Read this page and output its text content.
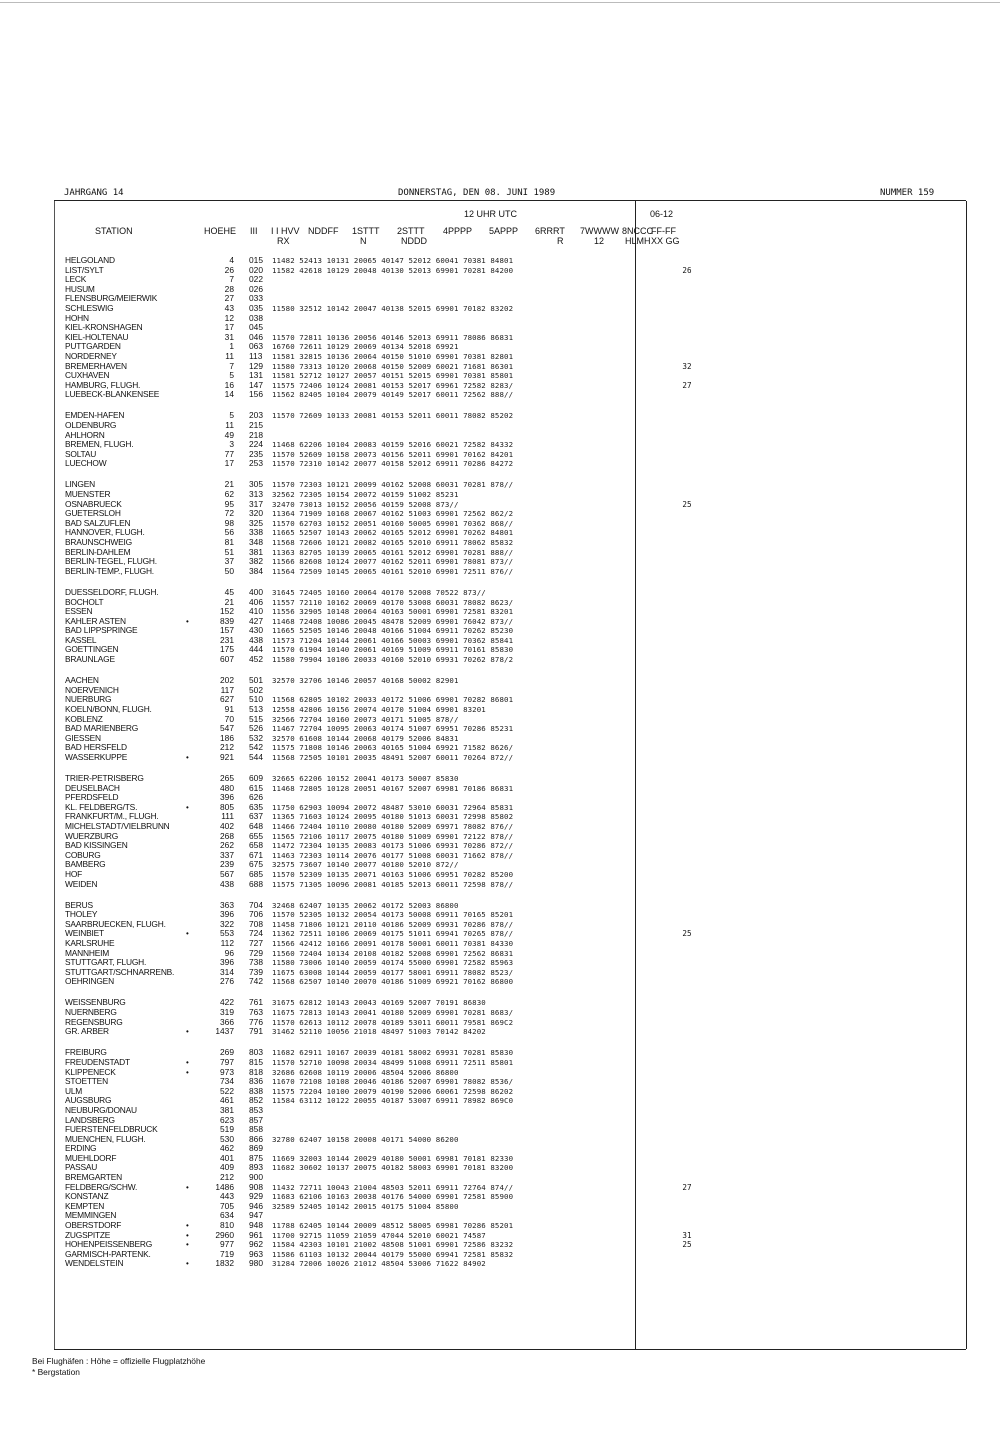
JAHRGANG 14	DONNERSTAG, DEN 08. JUNI 1989	NUMMER 159
12 UHR UTC	06-12
STATION	HOEHE III I I HVV
RX
NDDFF 1STTT
N
2STTT
NDDD
4PPPP 5APPP 6RRRT
R
7WWWW
12
8NCCC
HLMH
FF-FF
XX GG
HELGOLAND	4 015 11482 52413 10131 20065 40147 52012 60041 70381 84801
LIST/SYLT	26 020 11582 42618 10129 20048 40130 52013 69901 70281 84200	26
LECK	7 022
HUSUM	28 026
FLENSBURG/MEIERWIK	27 033
SCHLESWIG	43 035 11580 32512 10142 20047 40138 52015 69901 70182 83202
HOHN	12 038
KIEL-KRONSHAGEN	17 045
KIEL-HOLTENAU	31 046 11570 72811 10136 20056 40146 52013 69911 78086 86831
PUTTGARDEN	1 063 16760 72611 10129 20069 40134 52018 69921
NORDERNEY	11 113 11581 32815 10136 20064 40150 51010 69901 70381 82801
BREMERHAVEN	7 129 11580 73313 10120 20068 40150 52009 60021 71681 86301	32
CUXHAVEN	5 131 11581 52712 10127 20057 40151 52015 69901 70381 85801
HAMBURG, FLUGH.	16 147 11575 72406 10124 20081 40153 52017 69961 72582 8283/	27
LUEBECK-BLANKENSEE	14 156 11562 82405 10104 20079 40149 52017 60011 72562 888//
EMDEN-HAFEN	5 203 11570 72609 10133 20081 40153 52011 60011 78082 85202
OLDENBURG	11 215
AHLHORN	49 218
BREMEN, FLUGH.	3 224 11468 62206 10104 20083 40159 52016 60021 72582 84332
SOLTAU	77 235 11570 52609 10158 20073 40156 52011 69901 70162 84201
LUECHOW	17 253 11570 72310 10142 20077 40158 52012 69911 70286 84272
LINGEN	21 305 11570 72303 10121 20099 40162 52008 60031 70281 878//
MUENSTER	62 313 32562 72305 10154 20072 40159 51002 85231
OSNABRUECK	95 317 32470 73013 10152 20056 40159 52008 873//	25
GUETERSLOH	72 320 11364 71909 10168 20067 40162 51003 69901 72562 862/2
BAD SALZUFLEN	98 325 11570 62703 10152 20051 40160 50005 69901 70362 868//
HANNOVER, FLUGH.	56 338 11665 52507 10143 20062 40165 52012 69901 70262 84801
BRAUNSCHWEIG	81 348 11568 72606 10121 20082 40165 52010 69911 78062 85832
BERLIN-DAHLEM	51 381 11363 82705 10139 20065 40161 52012 69901 70281 888//
BERLIN-TEGEL, FLUGH.	37 382 11566 82608 10124 20077 40162 52011 69901 78081 873//
BERLIN-TEMP., FLUGH.	50 384 11564 72509 10145 20065 40161 52010 69901 72511 876//
DUESSELDORF, FLUGH.	45 400 31645 72405 10160 20064 40170 52008 70522 873//
BOCHOLT	21 406 11557 72110 10162 20069 40170 53008 60031 78082 8623/
ESSEN	152 410 11556 32905 10148 20064 40163 50001 69901 72581 83201
KAHLER ASTEN	•	839 427 11468 72408 10086 20045 48478 52009 69901 76042 873//
BAD LIPPSPRINGE	157 430 11665 52505 10146 20048 40166 51004 69911 70262 85230
KASSEL	231 438 11573 71204 10144 20061 40166 50003 69901 70362 85841
GOETTINGEN	175 444 11570 61904 10140 20061 40169 51009 69911 70161 85830
BRAUNLAGE	607 452 11580 79904 10106 20033 40160 52010 69931 70262 878/2
AACHEN	202 501 32570 32706 10146 20057 40168 50002 82901
NOERVENICH	117 502
NUERBURG	627 510 11568 62805 10102 20033 40172 51006 69901 70282 86801
KOELN/BONN, FLUGH.	91 513 12558 42806 10156 20074 40170 51004 69901 83201
KOBLENZ	70 515 32566 72704 10160 20073 40171 51005 878//
BAD MARIENBERG	547 526 11467 72704 10095 20063 40174 51007 69951 70286 85231
GIESSEN	186 532 32570 61608 10144 20068 40179 52006 84831
BAD HERSFELD	212 542 11575 71808 10146 20063 40165 51004 69921 71582 8626/
WASSERKUPPE	•	921 544 11568 72505 10101 20035 48491 52007 60011 70264 872//
TRIER-PETRISBERG	265 609 32665 62206 10152 20041 40173 50007 85830
DEUSELBACH	480 615 11468 72805 10128 20051 40167 52007 69981 70186 86831
PFERDSFELD	396 626
KL. FELDBERG/TS.	•	805 635 11750 62903 10094 20072 48487 53010 60031 72964 85831
FRANKFURT/M., FLUGH.	111 637 11365 71603 10124 20095 40180 51013 60031 72998 85802
MICHELSTADT/VIELBRUNN	402 648 11466 72404 10110 20080 40180 52009 69971 78082 876//
WUERZBURG	268 655 11565 72106 10117 20075 40180 51009 69901 72122 878//
BAD KISSINGEN	262 658 11472 72304 10135 20083 40173 51006 69931 70286 872//
COBURG	337 671 11463 72303 10114 20076 40177 51008 60031 71662 878//
BAMBERG	239 675 32575 73607 10140 20077 40180 52010 872//
HOF	567 685 11570 52309 10135 20071 40163 51006 69951 70282 85200
WEIDEN	438 688 11575 71305 10096 20081 40185 52013 60011 72598 878//
BERUS	363 704 32468 62407 10135 20062 40172 52003 86800
THOLEY	396 706 11570 52305 10132 20054 40173 50008 69911 70165 85201
SAARBRUECKEN, FLUGH.	322 708 11458 71806 10121 20110 40186 52009 69931 70286 878//
WEINBIET	•	553 724 11362 72511 10106 20069 40175 51011 69941 70265 878//	25
KARLSRUHE	112 727 11566 42412 10166 20091 40178 50001 60011 70381 84330
MANNHEIM	96 729 11560 72404 10134 20108 40182 52008 69901 72562 86831
STUTTGART, FLUGH.	396 738 11580 73006 10140 20059 40174 55000 69901 72582 85963
STUTTGART/SCHNARRENB.	314 739 11675 63008 10144 20059 40177 58001 69911 78082 8523/
OEHRINGEN	276 742 11568 62507 10140 20070 40186 51009 69921 70162 86800
WEISSENBURG	422 761 31675 62812 10143 20043 40169 52007 70191 86830
NUERNBERG	319 763 11675 72813 10143 20041 40180 52009 69901 70281 8683/
REGENSBURG	366 776 11570 62613 10112 20078 40189 53011 60011 79581 869C2
GR. ARBER	•	1437 791 31462 52110 10056 21018 48497 51003 70142 84202
FREIBURG	269 803 11682 62911 10167 20039 40181 58002 69931 70281 85830
FREUDENSTADT	•	797 815 11570 52710 10098 20034 48499 51008 69911 72511 85801
KLIPPENECK	•	973 818 32686 62608 10119 20006 48504 52006 86800
STOETTEN	734 836 11670 72108 10108 20046 40186 52007 69901 78082 8536/
ULM	522 838 11575 72204 10100 20079 40190 52006 60061 72598 86202
AUGSBURG	461 852 11584 63112 10122 20055 40187 53007 69911 78982 869C0
NEUBURG/DONAU	381 853
LANDSBERG	623 857
FUERSTENFELDBRUCK	519 858
MUENCHEN, FLUGH.	530 866 32780 62407 10158 20008 40171 54000 86200
ERDING	462 869
MUEHLDORF	401 875 11669 32003 10144 20029 40180 50001 69981 70181 82330
PASSAU	409 893 11682 30602 10137 20075 40182 58003 69901 70181 83200
BREMGARTEN	212 900
FELDBERG/SCHW.	•	1486 908 11432 72711 10043 21004 48503 52011 69911 72764 874//	27
KONSTANZ	443 929 11683 62106 10163 20038 40176 54000 69901 72581 85900
KEMPTEN	705 946 32589 52405 10142 20015 40175 51004 85800
MEMMINGEN	634 947
OBERSTDORF	•	810 948 11788 62405 10144 20009 48512 58005 69981 70286 85201
ZUGSPITZE	•	2960 961 11700 92715 11059 21059 47044 52010 60021 74587	31
HOHENPEISSENBERG	•	977 962 11584 42303 10101 21002 48508 51001 69901 72586 83232	25
GARMISCH-PARTENK.	719 963 11586 61103 10132 20044 40179 55000 69941 72581 85832
WENDELSTEIN	•	1832 980 31284 72006 10026 21012 48504 53006 71622 84902
Bei Flughäfen : Höhe = offizielle Flugplatzhöhe
* Bergstation
